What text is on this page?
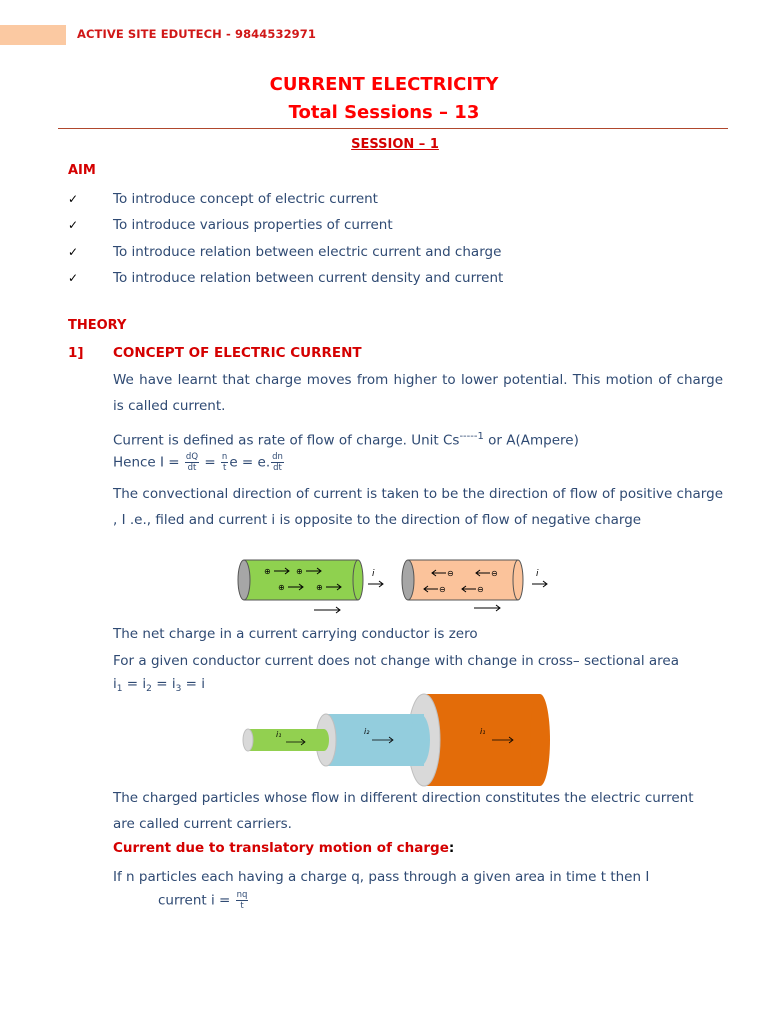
ACTIVE SITE EDUTECH - 9844532971
CURRENT ELECTRICITY
Total Sessions – 13
SESSION – 1
AIM
✓	To introduce concept of electric current
✓	To introduce various properties of current
✓	To introduce relation between electric current and charge
✓	To introduce relation between current density and current
THEORY
1] CONCEPT OF ELECTRIC CURRENT
We have learnt that charge moves from higher to lower potential. This motion of charge is called current.
Current is defined as rate of flow of charge. Unit $Cs^{-----1}$ or A(Ampere)
Hence $I = \frac{dQ}{dt} = \frac{n}{t}$ e = e. $\frac{dn}{dt}$
The convectional direction of current is taken to be the direction of flow of positive charge , I .e., filed and current i is opposite to the direction of flow of negative charge
⊕	⊕
⊕	⊕
i	⊖	⊖
⊖	⊖
i
The net charge in a current carrying conductor is zero
For a given conductor current does not change with change in cross– sectional area
$i_1 = i_2 = i_3 = i$
i₁
i₂
i₁
The charged particles whose flow in different direction constitutes the electric current are called current carriers.
Current due to translatory motion of charge:
If n particles each having a charge q, pass through a given area in time t then I
current $i = \frac{nq}{t}$
